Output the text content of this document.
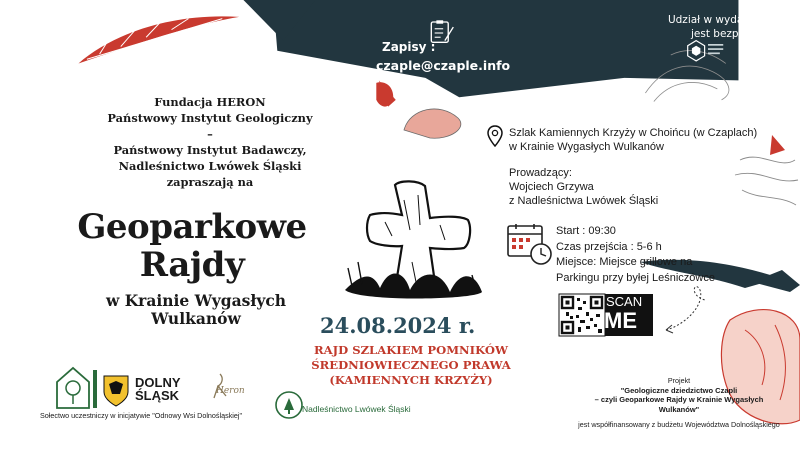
Zapisy :
czaple@czaple.info
Udział w wydarzeniach
jest bezpłatny
Fundacja HERON
Państwowy Instytut Geologiczny –
Państwowy Instytut Badawczy,
Nadleśnictwo Lwówek Śląski
zapraszają na
Geoparkowe
Rajdy
w Krainie Wygasłych
Wulkanów	24.08.2024 r.
RAJD SZLAKIEM POMNIKÓW
ŚREDNIOWIECZNEGO PRAWA
(KAMIENNYCH KRZYŻY)
Szlak Kamiennych Krzyży w Choińcu (w Czaplach)
w Krainie Wygasłych Wulkanów
Prowadzący:
Wojciech Grzywa
z Nadleśnictwa Lwówek Śląski
Start : 09:30
Czas przejścia : 5-6 h
Miejsce: Miejsce grillowe na
Parkingu przy byłej Leśniczówce
SCAN
ME
Projekt
"Geologiczne dziedzictwo Czapli
– czyli Geoparkowe Rajdy w Krainie Wygasłych Wulkanów"
jest współfinansowany z budżetu Województwa Dolnośląskiego
Sołectwo uczestniczy w inicjatywie "Odnowy Wsi Dolnośląskiej"
DOLNY
ŚLĄSK	Heron
Nadleśnictwo Lwówek Śląski
